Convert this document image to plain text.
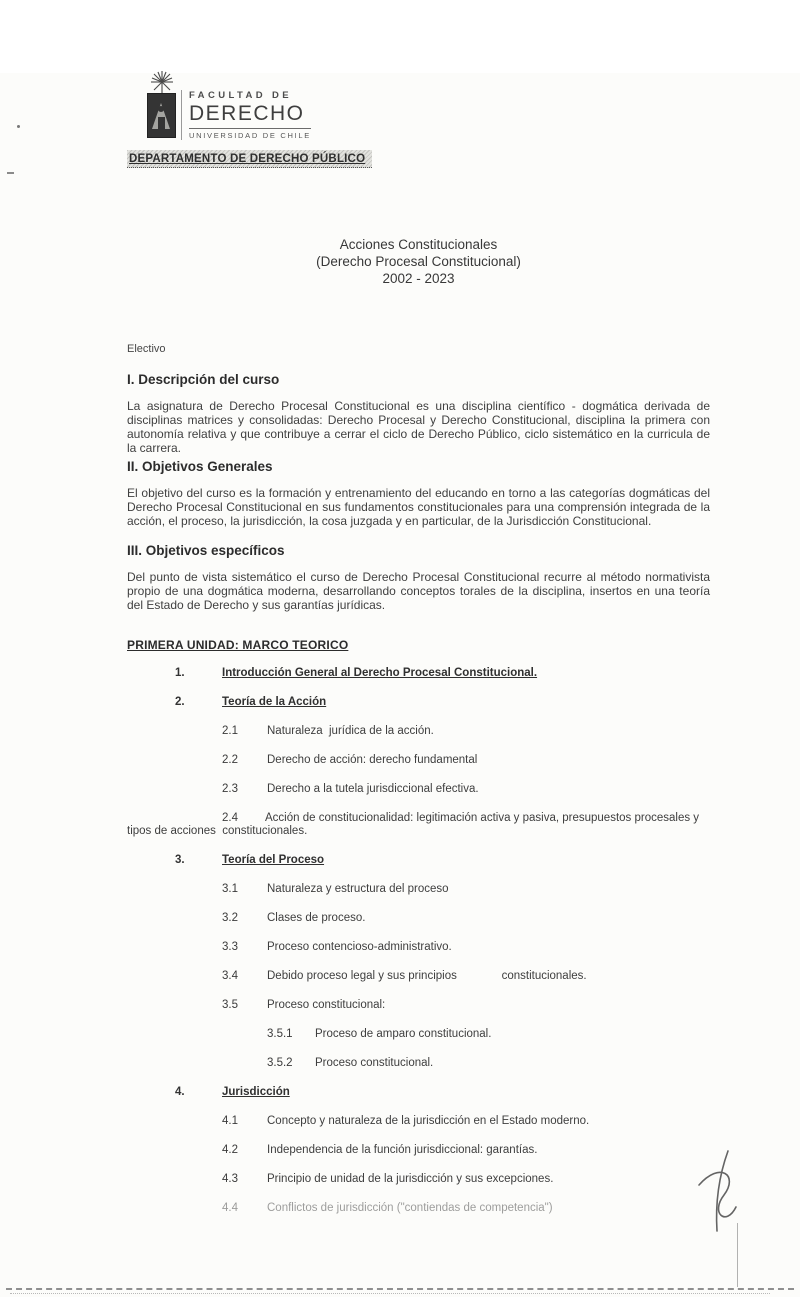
FACULTAD DE
DERECHO
UNIVERSIDAD DE CHILE
DEPARTAMENTO DE DERECHO PÚBLICO
Acciones Constitucionales
(Derecho Procesal Constitucional)
2002 - 2023
Electivo
I. Descripción del curso

La asignatura de Derecho Procesal Constitucional es una disciplina científico - dogmática derivada de disciplinas matrices y consolidadas: Derecho Procesal y Derecho Constitucional, disciplina la primera con autonomía relativa y que contribuye a cerrar el ciclo de Derecho Público, ciclo sistemático en la curricula de la carrera.

II. Objetivos Generales

El objetivo del curso es la formación y entrenamiento del educando en torno a las categorías dogmáticas del Derecho Procesal Constitucional en sus fundamentos constitucionales para una comprensión integrada de la acción, el proceso, la jurisdicción, la cosa juzgada y en particular, de la Jurisdicción Constitucional.

III. Objetivos específicos

Del punto de vista sistemático el curso de Derecho Procesal Constitucional recurre al método normativista propio de una dogmática moderna, desarrollando conceptos torales de la disciplina, insertos en una teoría del Estado de Derecho y sus garantías jurídicas.

PRIMERA UNIDAD: MARCO TEORICO
1.	Introducción General al Derecho Procesal Constitucional.
2.	Teoría de la Acción
2.1	Naturaleza  jurídica de la acción.
2.2	Derecho de acción: derecho fundamental
2.3	Derecho a la tutela jurisdiccional efectiva.

2.4 Acción de constitucionalidad: legitimación activa y pasiva, presupuestos procesales y tipos de acciones  constitucionales.

3.	Teoría del Proceso
3.1	Naturaleza y estructura del proceso
3.2	Clases de proceso.
3.3	Proceso contencioso-administrativo.
3.4	Debido proceso legal y sus principios              constitucionales.
3.5	Proceso constitucional:
3.5.1	Proceso de amparo constitucional.
3.5.2	Proceso constitucional.
4.	Jurisdicción
4.1	Concepto y naturaleza de la jurisdicción en el Estado moderno.
4.2	Independencia de la función jurisdiccional: garantías.
4.3	Principio de unidad de la jurisdicción y sus excepciones.
4.4	Conflictos de jurisdicción ("contiendas de competencia")
